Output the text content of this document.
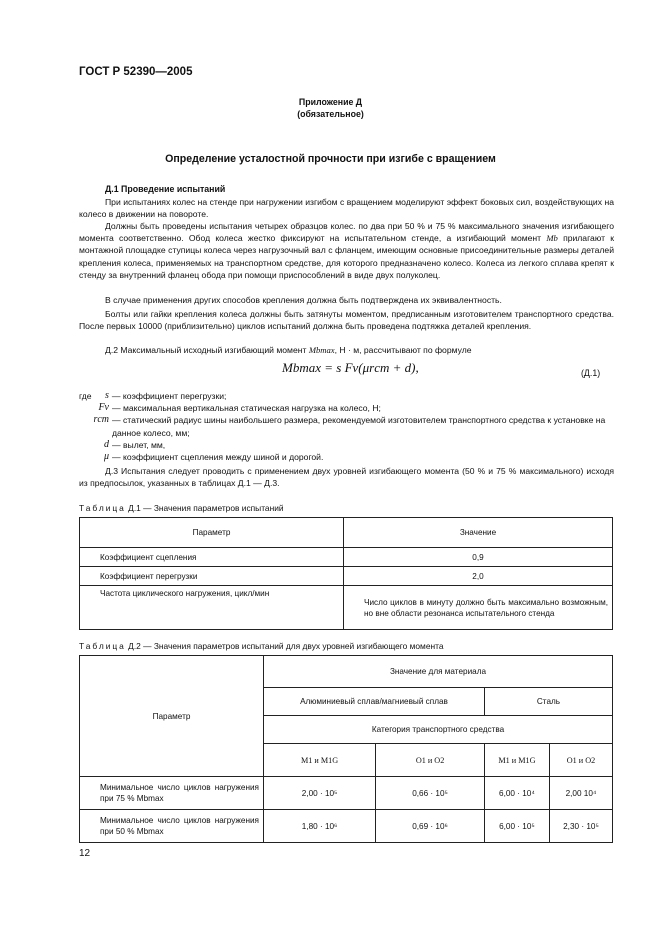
ГОСТ Р 52390—2005
Приложение Д
(обязательное)
Определение усталостной прочности при изгибе с вращением
Д.1 Проведение испытаний
При испытаниях колес на стенде при нагружении изгибом с вращением моделируют эффект боковых сил, воздействующих на колесо в движении на повороте.
Должны быть проведены испытания четырех образцов колес. по два при 50 % и 75 % максимального значения изгибающего момента соответственно. Обод колеса жестко фиксируют на испытательном стенде, а изгибающий момент Mb прилагают к монтажной площадке ступицы колеса через нагрузочный вал с фланцем, имеющим основные присоединительные размеры деталей крепления колеса, применяемых на транспортном средстве, для которого предназначено колесо. Колеса из легкого сплава крепят к стенду за внутренний фланец обода при помощи приспособлений в виде двух полуколец.
В случае применения других способов крепления должна быть подтверждена их эквивалентность.
Болты или гайки крепления колеса должны быть затянуты моментом, предписанным изготовителем транспортного средства. После первых 10000 (приблизительно) циклов испытаний должна быть проведена подтяжка деталей крепления.
Д.2 Максимальный исходный изгибающий момент Mbmax, Н · м, рассчитывают по формуле
Mbmax = s Fv(μrст + d),	(Д.1)
где	s — коэффициент перегрузки;
Fv — максимальная вертикальная статическая нагрузка на колесо, Н;
rст — статический радиус шины наибольшего размера, рекомендуемой изготовителем транспортного средства к установке на данное колесо, мм;
d — вылет, мм,
μ — коэффициент сцепления между шиной и дорогой.
Д.3 Испытания следует проводить с применением двух уровней изгибающего момента (50 % и 75 % максимального) исходя из предпосылок, указанных в таблицах Д.1 — Д.3.
Таблица Д.1 — Значения параметров испытаний
Параметр	Значение
Коэффициент сцепления	0,9
Коэффициент перегрузки	2,0
Частота циклического нагружения, цикл/мин	Число циклов в минуту должно быть максимально возможным, но вне области резонанса испытательного стенда
Таблица Д.2 — Значения параметров испытаний для двух уровней изгибающего момента
Параметр	Значение для материала			
	Алюминиевый сплав/магниевый сплав		Сталь	
	Категория транспортного средства			
	M1 и M1G	O1 и O2	M1 и M1G	O1 и O2
Минимальное число циклов нагружения при 75 % Mbmax	2,00 · 10⁵	0,66 · 10⁵	6,00 · 10⁴	2,00 10⁴
Минимальное число циклов нагружения при 50 % Mbmax	1,80 · 10⁶	0,69 · 10⁶	6,00 · 10⁵	2,30 · 10⁵
12
